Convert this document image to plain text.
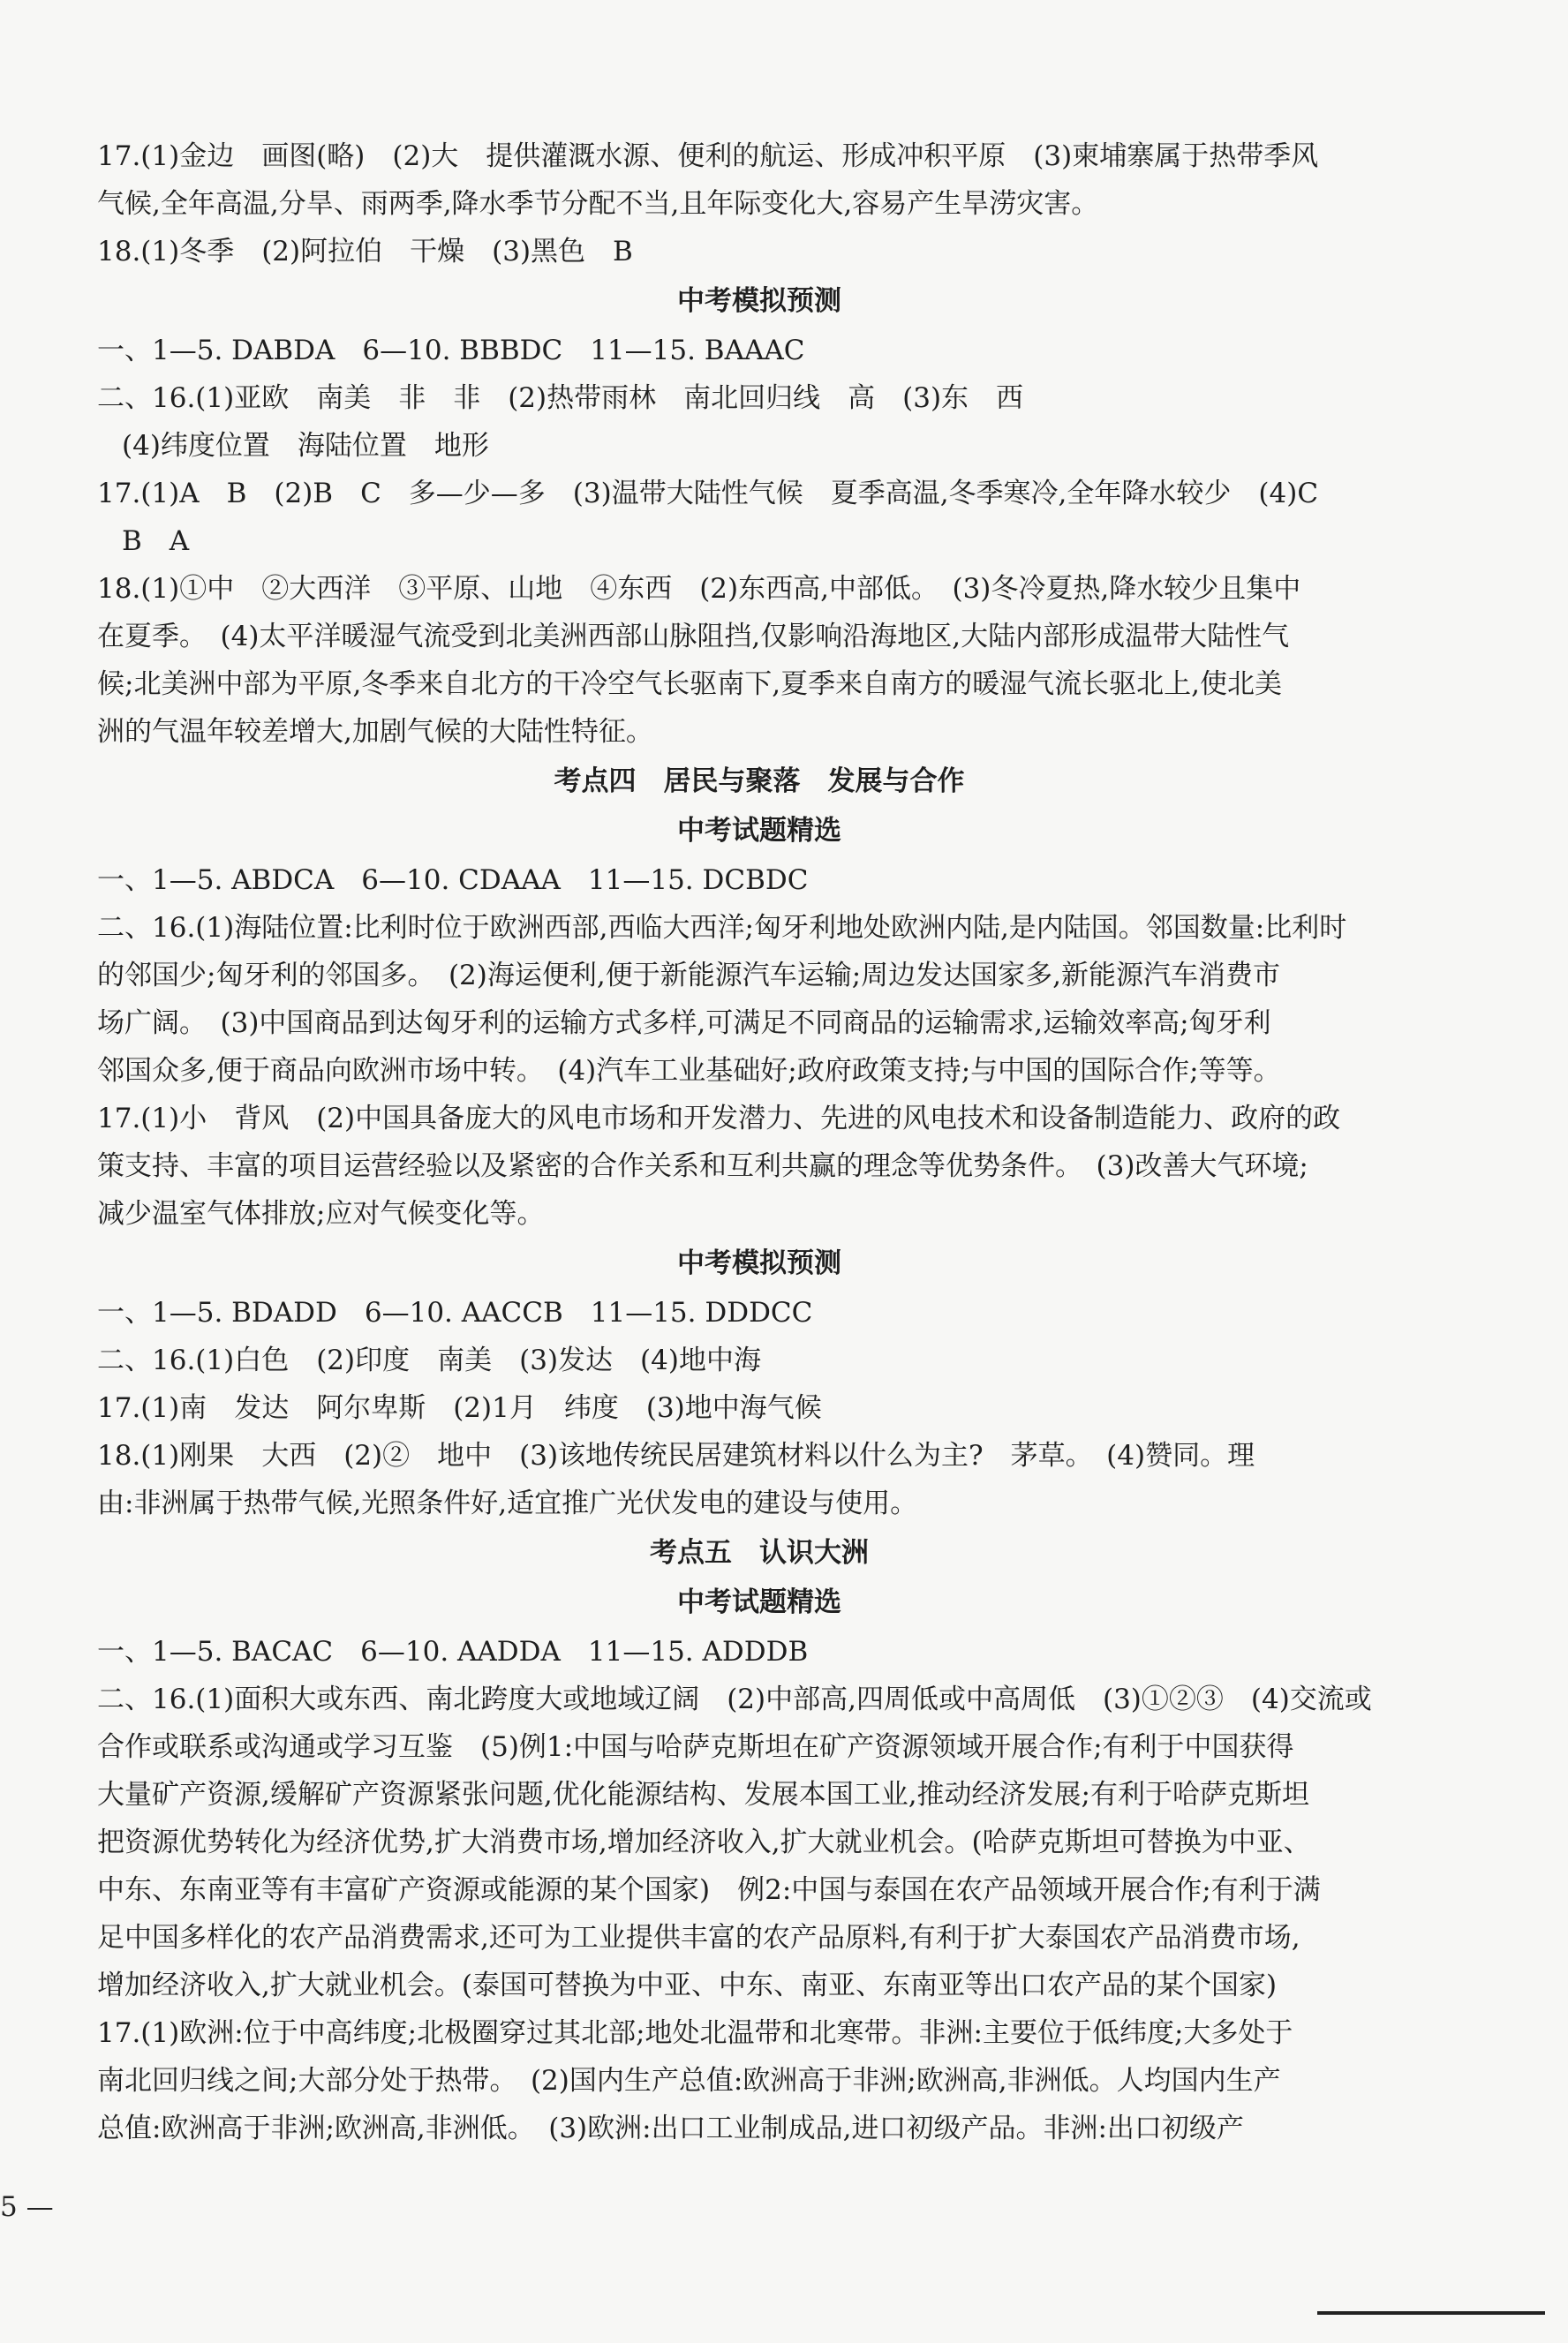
17.(1)金边　画图(略)　(2)大　提供灌溉水源、便利的航运、形成冲积平原　(3)柬埔寨属于热带季风

气候,全年高温,分旱、雨两季,降水季节分配不当,且年际变化大,容易产生旱涝灾害。

18.(1)冬季　(2)阿拉伯　干燥　(3)黑色　B

中考模拟预测

一、1—5. DABDA　6—10. BBBDC　11—15. BAAAC

二、16.(1)亚欧　南美　非　非　(2)热带雨林　南北回归线　高　(3)东　西

(4)纬度位置　海陆位置　地形

17.(1)A　B　(2)B　C　多—少—多　(3)温带大陆性气候　夏季高温,冬季寒冷,全年降水较少　(4)C

B　A

18.(1)①中　②大西洋　③平原、山地　④东西　(2)东西高,中部低。　(3)冬冷夏热,降水较少且集中

在夏季。　(4)太平洋暖湿气流受到北美洲西部山脉阻挡,仅影响沿海地区,大陆内部形成温带大陆性气

候;北美洲中部为平原,冬季来自北方的干冷空气长驱南下,夏季来自南方的暖湿气流长驱北上,使北美

洲的气温年较差增大,加剧气候的大陆性特征。

考点四　居民与聚落　发展与合作

中考试题精选

一、1—5. ABDCA　6—10. CDAAA　11—15. DCBDC

二、16.(1)海陆位置:比利时位于欧洲西部,西临大西洋;匈牙利地处欧洲内陆,是内陆国。邻国数量:比利时

的邻国少;匈牙利的邻国多。　(2)海运便利,便于新能源汽车运输;周边发达国家多,新能源汽车消费市

场广阔。　(3)中国商品到达匈牙利的运输方式多样,可满足不同商品的运输需求,运输效率高;匈牙利

邻国众多,便于商品向欧洲市场中转。　(4)汽车工业基础好;政府政策支持;与中国的国际合作;等等。

17.(1)小　背风　(2)中国具备庞大的风电市场和开发潜力、先进的风电技术和设备制造能力、政府的政

策支持、丰富的项目运营经验以及紧密的合作关系和互利共赢的理念等优势条件。　(3)改善大气环境;

减少温室气体排放;应对气候变化等。

中考模拟预测

一、1—5. BDADD　6—10. AACCB　11—15. DDDCC

二、16.(1)白色　(2)印度　南美　(3)发达　(4)地中海

17.(1)南　发达　阿尔卑斯　(2)1月　纬度　(3)地中海气候

18.(1)刚果　大西　(2)②　地中　(3)该地传统民居建筑材料以什么为主?　茅草。　(4)赞同。理

由:非洲属于热带气候,光照条件好,适宜推广光伏发电的建设与使用。

考点五　认识大洲

中考试题精选

一、1—5. BACAC　6—10. AADDA　11—15. ADDDB

二、16.(1)面积大或东西、南北跨度大或地域辽阔　(2)中部高,四周低或中高周低　(3)①②③　(4)交流或

合作或联系或沟通或学习互鉴　(5)例1:中国与哈萨克斯坦在矿产资源领域开展合作;有利于中国获得

大量矿产资源,缓解矿产资源紧张问题,优化能源结构、发展本国工业,推动经济发展;有利于哈萨克斯坦

把资源优势转化为经济优势,扩大消费市场,增加经济收入,扩大就业机会。(哈萨克斯坦可替换为中亚、

中东、东南亚等有丰富矿产资源或能源的某个国家)　例2:中国与泰国在农产品领域开展合作;有利于满

足中国多样化的农产品消费需求,还可为工业提供丰富的农产品原料,有利于扩大泰国农产品消费市场,

增加经济收入,扩大就业机会。(泰国可替换为中亚、中东、南亚、东南亚等出口农产品的某个国家)

17.(1)欧洲:位于中高纬度;北极圈穿过其北部;地处北温带和北寒带。非洲:主要位于低纬度;大多处于

南北回归线之间;大部分处于热带。　(2)国内生产总值:欧洲高于非洲;欧洲高,非洲低。人均国内生产

总值:欧洲高于非洲;欧洲高,非洲低。　(3)欧洲:出口工业制成品,进口初级产品。非洲:出口初级产

5 —
